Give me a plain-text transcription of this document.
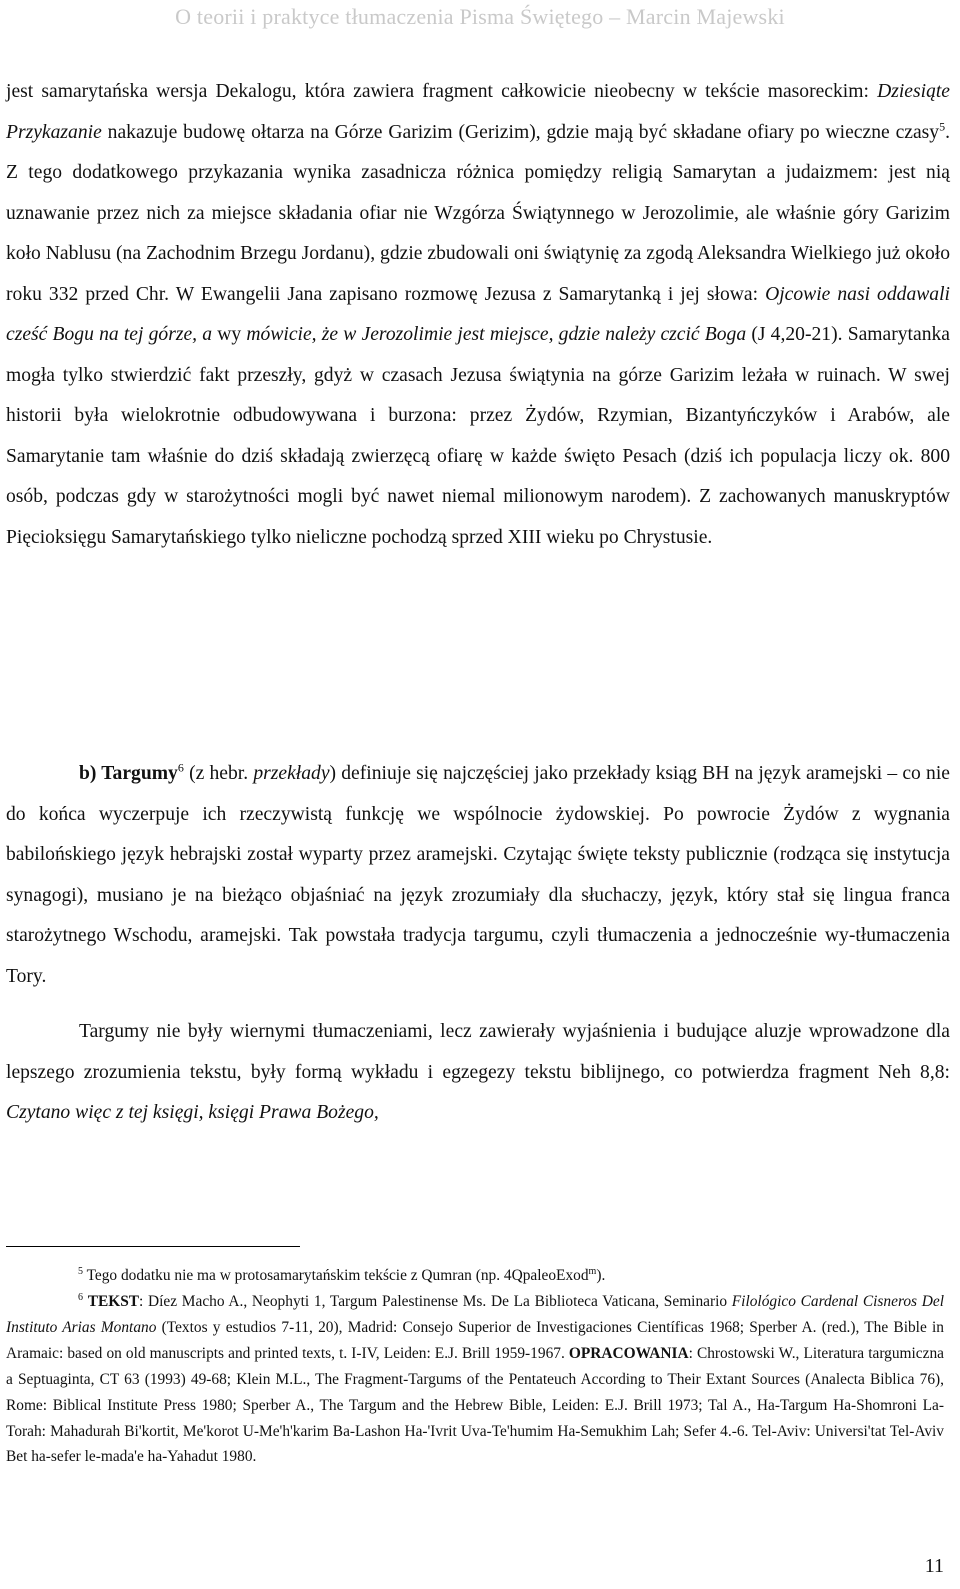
O teorii i praktyce tłumaczenia Pisma Świętego – Marcin Majewski

jest samarytańska wersja Dekalogu, która zawiera fragment całkowicie nieobecny w tekście masoreckim: Dziesiąte Przykazanie nakazuje budowę ołtarza na Górze Garizim (Gerizim), gdzie mają być składane ofiary po wieczne czasy$^5$. Z tego dodatkowego przykazania wynika zasadnicza różnica pomiędzy religią Samarytan a judaizmem: jest nią uznawanie przez nich za miejsce składania ofiar nie Wzgórza Świątynnego w Jerozolimie, ale właśnie góry Garizim koło Nablusu (na Zachodnim Brzegu Jordanu), gdzie zbudowali oni świątynię za zgodą Aleksandra Wielkiego już około roku 332 przed Chr. W Ewangelii Jana zapisano rozmowę Jezusa z Samarytanką i jej słowa: Ojcowie nasi oddawali cześć Bogu na tej górze, a wy mówicie, że w Jerozolimie jest miejsce, gdzie należy czcić Boga (J 4,20-21). Samarytanka mogła tylko stwierdzić fakt przeszły, gdyż w czasach Jezusa świątynia na górze Garizim leżała w ruinach. W swej historii była wielokrotnie odbudowywana i burzona: przez Żydów, Rzymian, Bizantyńczyków i Arabów, ale Samarytanie tam właśnie do dziś składają zwierzęcą ofiarę w każde święto Pesach (dziś ich populacja liczy ok. 800 osób, podczas gdy w starożytności mogli być nawet niemal milionowym narodem). Z zachowanych manuskryptów Pięcioksięgu Samarytańskiego tylko nieliczne pochodzą sprzed XIII wieku po Chrystusie.

b) Targumy$^6$ (z hebr. przekłady) definiuje się najczęściej jako przekłady ksiąg BH na język aramejski – co nie do końca wyczerpuje ich rzeczywistą funkcję we wspólnocie żydowskiej. Po powrocie Żydów z wygnania babilońskiego język hebrajski został wyparty przez aramejski. Czytając święte teksty publicznie (rodząca się instytucja synagogi), musiano je na bieżąco objaśniać na język zrozumiały dla słuchaczy, język, który stał się lingua franca starożytnego Wschodu, aramejski. Tak powstała tradycja targumu, czyli tłumaczenia a jednocześnie wy-tłumaczenia Tory.

Targumy nie były wiernymi tłumaczeniami, lecz zawierały wyjaśnienia i budujące aluzje wprowadzone dla lepszego zrozumienia tekstu, były formą wykładu i egzegezy tekstu biblijnego, co potwierdza fragment Neh 8,8: Czytano więc z tej księgi, księgi Prawa Bożego,

$^5$ Tego dodatku nie ma w protosamarytańskim tekście z Qumran (np. 4QpaleoExod$^m$).

$^6$ TEKST: Díez Macho A., Neophyti 1, Targum Palestinense Ms. De La Biblioteca Vaticana, Seminario Filológico Cardenal Cisneros Del Instituto Arias Montano (Textos y estudios 7-11, 20), Madrid: Consejo Superior de Investigaciones Científicas 1968; Sperber A. (red.), The Bible in Aramaic: based on old manuscripts and printed texts, t. I-IV, Leiden: E.J. Brill 1959-1967. OPRACOWANIA: Chrostowski W., Literatura targumiczna a Septuaginta, CT 63 (1993) 49-68; Klein M.L., The Fragment-Targums of the Pentateuch According to Their Extant Sources (Analecta Biblica 76), Rome: Biblical Institute Press 1980; Sperber A., The Targum and the Hebrew Bible, Leiden: E.J. Brill 1973; Tal A., Ha-Targum Ha-Shomroni La-Torah: Mahadurah Bi'kortit, Me'korot U-Me'h'karim Ba-Lashon Ha-'Ivrit Uva-Te'humim Ha-Semukhim Lah; Sefer 4.-6. Tel-Aviv: Universi'tat Tel-Aviv Bet ha-sefer le-mada'e ha-Yahadut 1980.

11
